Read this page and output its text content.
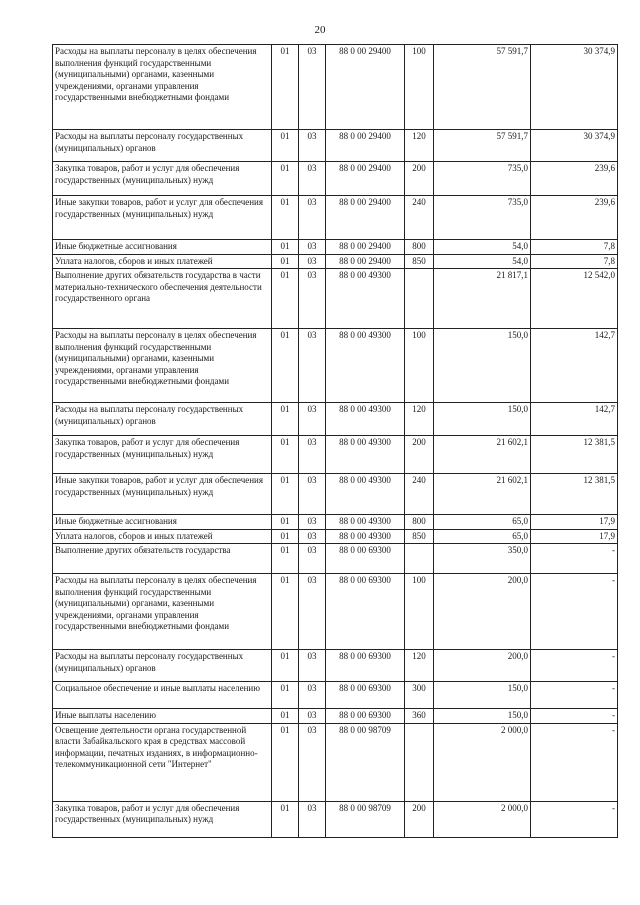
20
Расходы на выплаты персоналу в целях обеспечения выполнения функций государственными (муниципальными) органами, казенными учреждениями, органами управления государственными внебюджетными фондами	01	03	88 0 00 29400	100	57 591,7	30 374,9
Расходы на выплаты персоналу государственных (муниципальных) органов	01	03	88 0 00 29400	120	57 591,7	30 374,9
Закупка товаров, работ и услуг для обеспечения государственных (муниципальных) нужд	01	03	88 0 00 29400	200	735,0	239,6
Иные закупки товаров, работ и услуг для обеспечения государственных (муниципальных) нужд	01	03	88 0 00 29400	240	735,0	239,6
Иные бюджетные ассигнования	01	03	88 0 00 29400	800	54,0	7,8
Уплата налогов, сборов и иных платежей	01	03	88 0 00 29400	850	54,0	7,8
Выполнение других обязательств государства в части материально-технического обеспечения деятельности государственного органа	01	03	88 0 00 49300		21 817,1	12 542,0
Расходы на выплаты персоналу в целях обеспечения выполнения функций государственными (муниципальными) органами, казенными учреждениями, органами управления государственными внебюджетными фондами	01	03	88 0 00 49300	100	150,0	142,7
Расходы на выплаты персоналу государственных (муниципальных) органов	01	03	88 0 00 49300	120	150,0	142,7
Закупка товаров, работ и услуг для обеспечения государственных (муниципальных) нужд	01	03	88 0 00 49300	200	21 602,1	12 381,5
Иные закупки товаров, работ и услуг для обеспечения государственных (муниципальных) нужд	01	03	88 0 00 49300	240	21 602,1	12 381,5
Иные бюджетные ассигнования	01	03	88 0 00 49300	800	65,0	17,9
Уплата налогов, сборов и иных платежей	01	03	88 0 00 49300	850	65,0	17,9
Выполнение других обязательств государства	01	03	88 0 00 69300		350,0	-
Расходы на выплаты персоналу в целях обеспечения выполнения функций государственными (муниципальными) органами, казенными учреждениями, органами управления государственными внебюджетными фондами	01	03	88 0 00 69300	100	200,0	-
Расходы на выплаты персоналу государственных (муниципальных) органов	01	03	88 0 00 69300	120	200,0	-
Социальное обеспечение и иные выплаты населению	01	03	88 0 00 69300	300	150,0	-
Иные выплаты населению	01	03	88 0 00 69300	360	150,0	-
Освещение деятельности органа государственной власти Забайкальского края в средствах массовой информации, печатных изданиях, в информационно-телекоммуникационной сети "Интернет"	01	03	88 0 00 98709		2 000,0	-
Закупка товаров, работ и услуг для обеспечения государственных (муниципальных) нужд	01	03	88 0 00 98709	200	2 000,0	-
